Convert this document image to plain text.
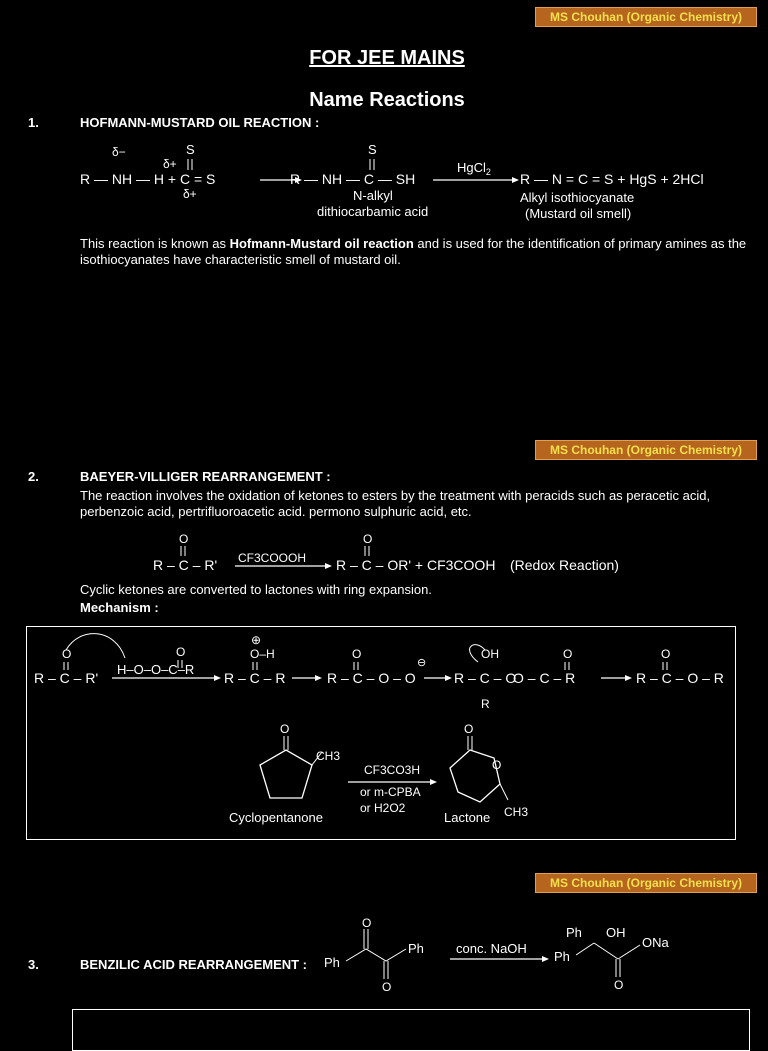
MS Chouhan (Organic Chemistry)
MS Chouhan (Organic Chemistry)
MS Chouhan (Organic Chemistry)
FOR JEE MAINS
Name Reactions
1.	HOFMANN-MUSTARD OIL REACTION :
δ−
δ+
S
R — NH — H + C = S
δ+
S
R — NH — C — SH
N-alkyl
dithiocarbamic acid
HgCl$_2$ R — N = C = S + HgS + 2HCl
Alkyl isothiocyanate
(Mustard oil smell)
This reaction is known as Hofmann-Mustard oil reaction and is used for the identification of primary amines as the isothiocyanates have characteristic smell of mustard oil.
2.	BAEYER-VILLIGER REARRANGEMENT :
The reaction involves the oxidation of ketones to esters by the treatment with peracids such as peracetic acid, perbenzoic acid, pertrifluoroacetic acid. permono sulphuric acid, etc.
O
R – C – R' CF3COOOH
O
R – C – OR' + CF3COOH (Redox Reaction)
Cyclic ketones are converted to lactones with ring expansion.
Mechanism :
O
R – C – R'
O
H–O–O–C–R
⊕
O–H
R – C – R
O
R – C – O – O
⊖
OH
R – C – O
R
O
O – C – R
O
R – C – O – R
O
CH3
Cyclopentanone
CF3CO3H
or m-CPBA
or H2O2
O
O
CH3
Lactone
3.	BENZILIC ACID REARRANGEMENT : Ph
O
O
Ph conc. NaOH
Ph
Ph OH
ONa
O
